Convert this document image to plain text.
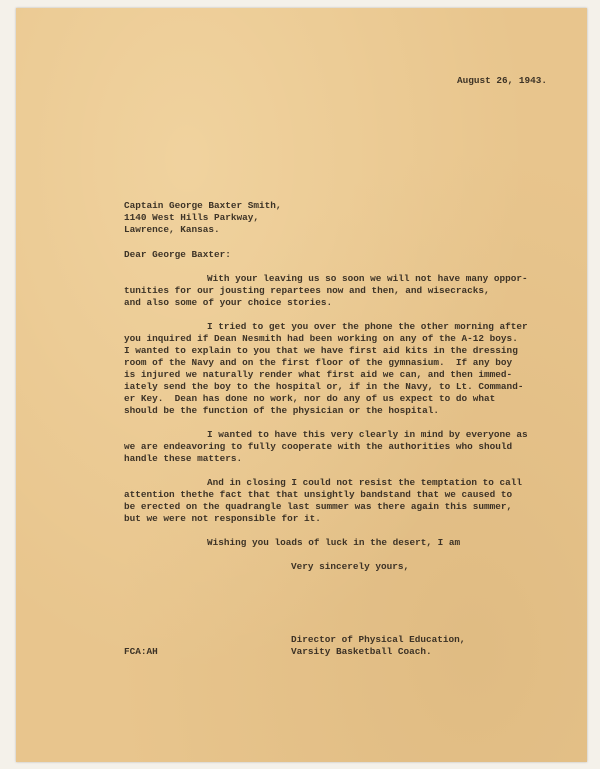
August 26, 1943.
Captain George Baxter Smith,
1140 West Hills Parkway,
Lawrence, Kansas.
Dear George Baxter:
With your leaving us so soon we will not have many oppor-
tunities for our jousting repartees now and then, and wisecracks,
and also some of your choice stories.
I tried to get you over the phone the other morning after
you inquired if Dean Nesmith had been working on any of the A-12 boys.
I wanted to explain to you that we have first aid kits in the dressing
room of the Navy and on the first floor of the gymnasium.  If any boy
is injured we naturally render what first aid we can, and then immed-
iately send the boy to the hospital or, if in the Navy, to Lt. Command-
er Key.  Dean has done no work, nor do any of us expect to do what
should be the function of the physician or the hospital.
I wanted to have this very clearly in mind by everyone as
we are endeavoring to fully cooperate with the authorities who should
handle these matters.
And in closing I could not resist the temptation to call
attention thethe fact that that unsightly bandstand that we caused to
be erected on the quadrangle last summer was there again this summer,
but we were not responsible for it.
Wishing you loads of luck in the desert, I am
Very sincerely yours,
Director of Physical Education,
Varsity Basketball Coach.
FCA:AH
